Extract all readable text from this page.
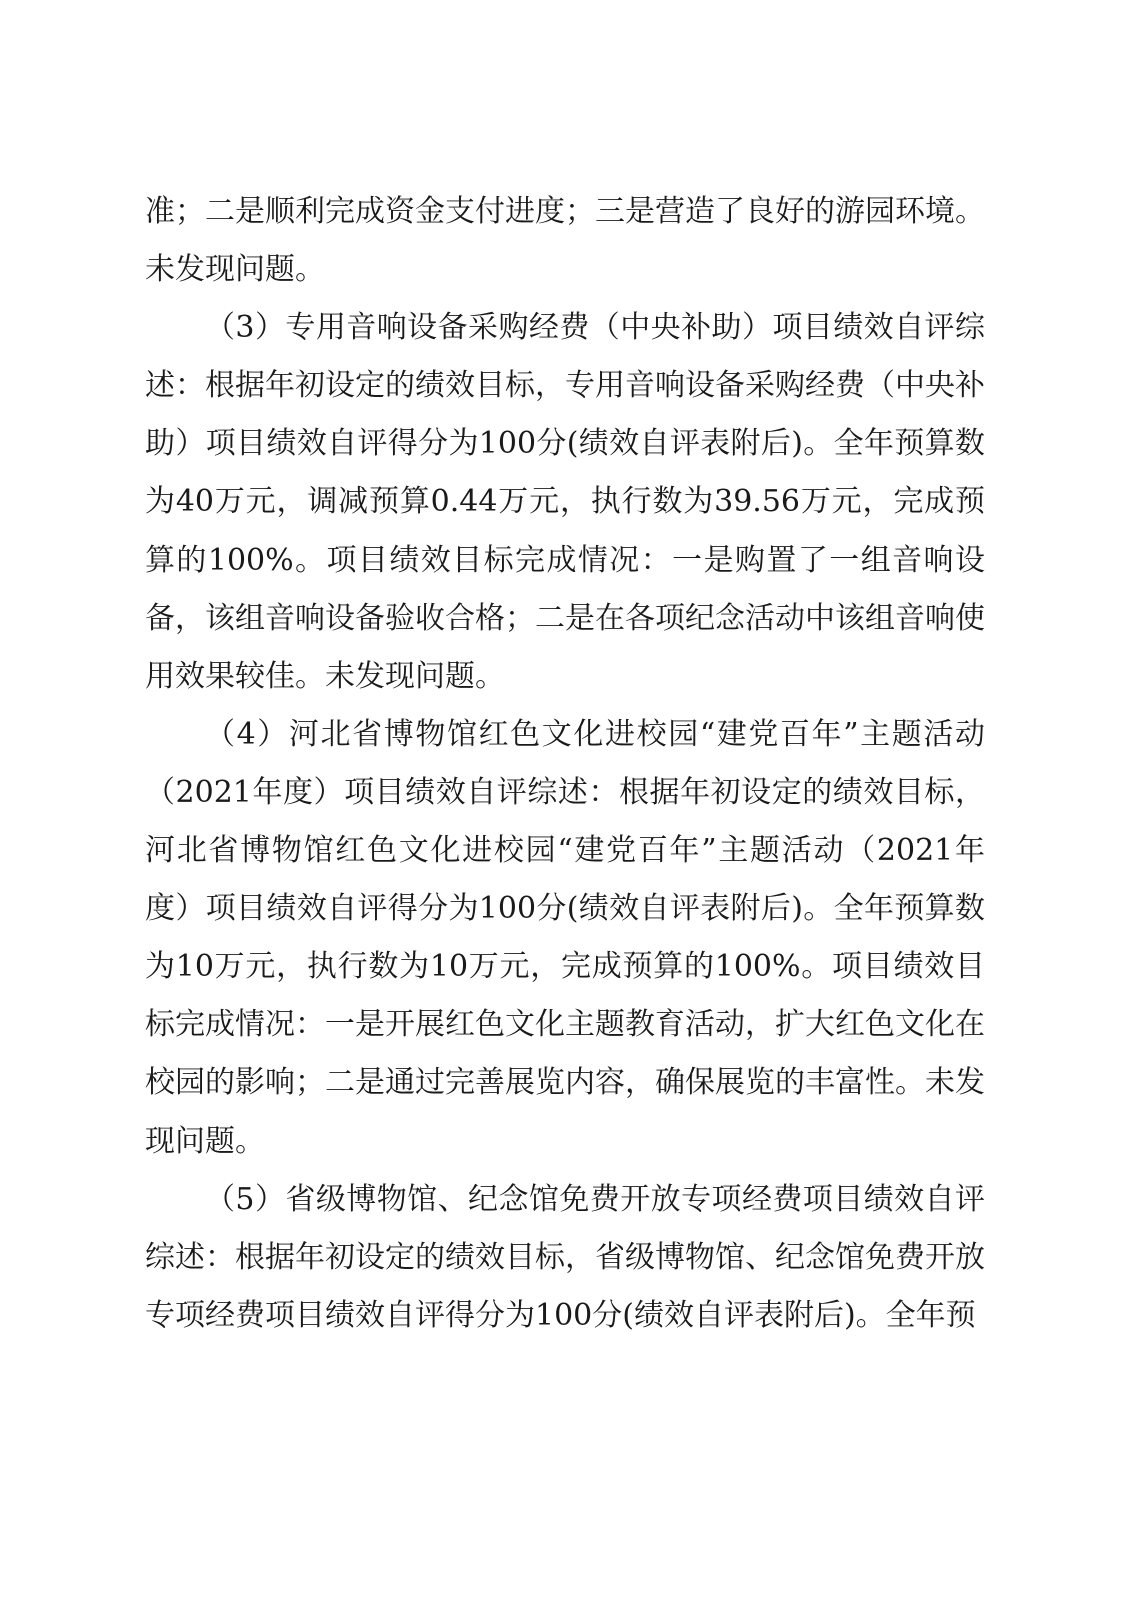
准；二是顺利完成资金支付进度；三是营造了良好的游园环境。未发现问题。

（3）专用音响设备采购经费（中央补助）项目绩效自评综述：根据年初设定的绩效目标，专用音响设备采购经费（中央补助）项目绩效自评得分为100分(绩效自评表附后)。全年预算数为40万元，调减预算0.44万元，执行数为39.56万元，完成预算的100%。项目绩效目标完成情况：一是购置了一组音响设备，该组音响设备验收合格；二是在各项纪念活动中该组音响使用效果较佳。未发现问题。

（4）河北省博物馆红色文化进校园“建党百年”主题活动（2021年度）项目绩效自评综述：根据年初设定的绩效目标，河北省博物馆红色文化进校园“建党百年”主题活动（2021年度）项目绩效自评得分为100分(绩效自评表附后)。全年预算数为10万元，执行数为10万元，完成预算的100%。项目绩效目标完成情况：一是开展红色文化主题教育活动，扩大红色文化在校园的影响；二是通过完善展览内容，确保展览的丰富性。未发现问题。

（5）省级博物馆、纪念馆免费开放专项经费项目绩效自评综述：根据年初设定的绩效目标，省级博物馆、纪念馆免费开放专项经费项目绩效自评得分为100分(绩效自评表附后)。全年预
